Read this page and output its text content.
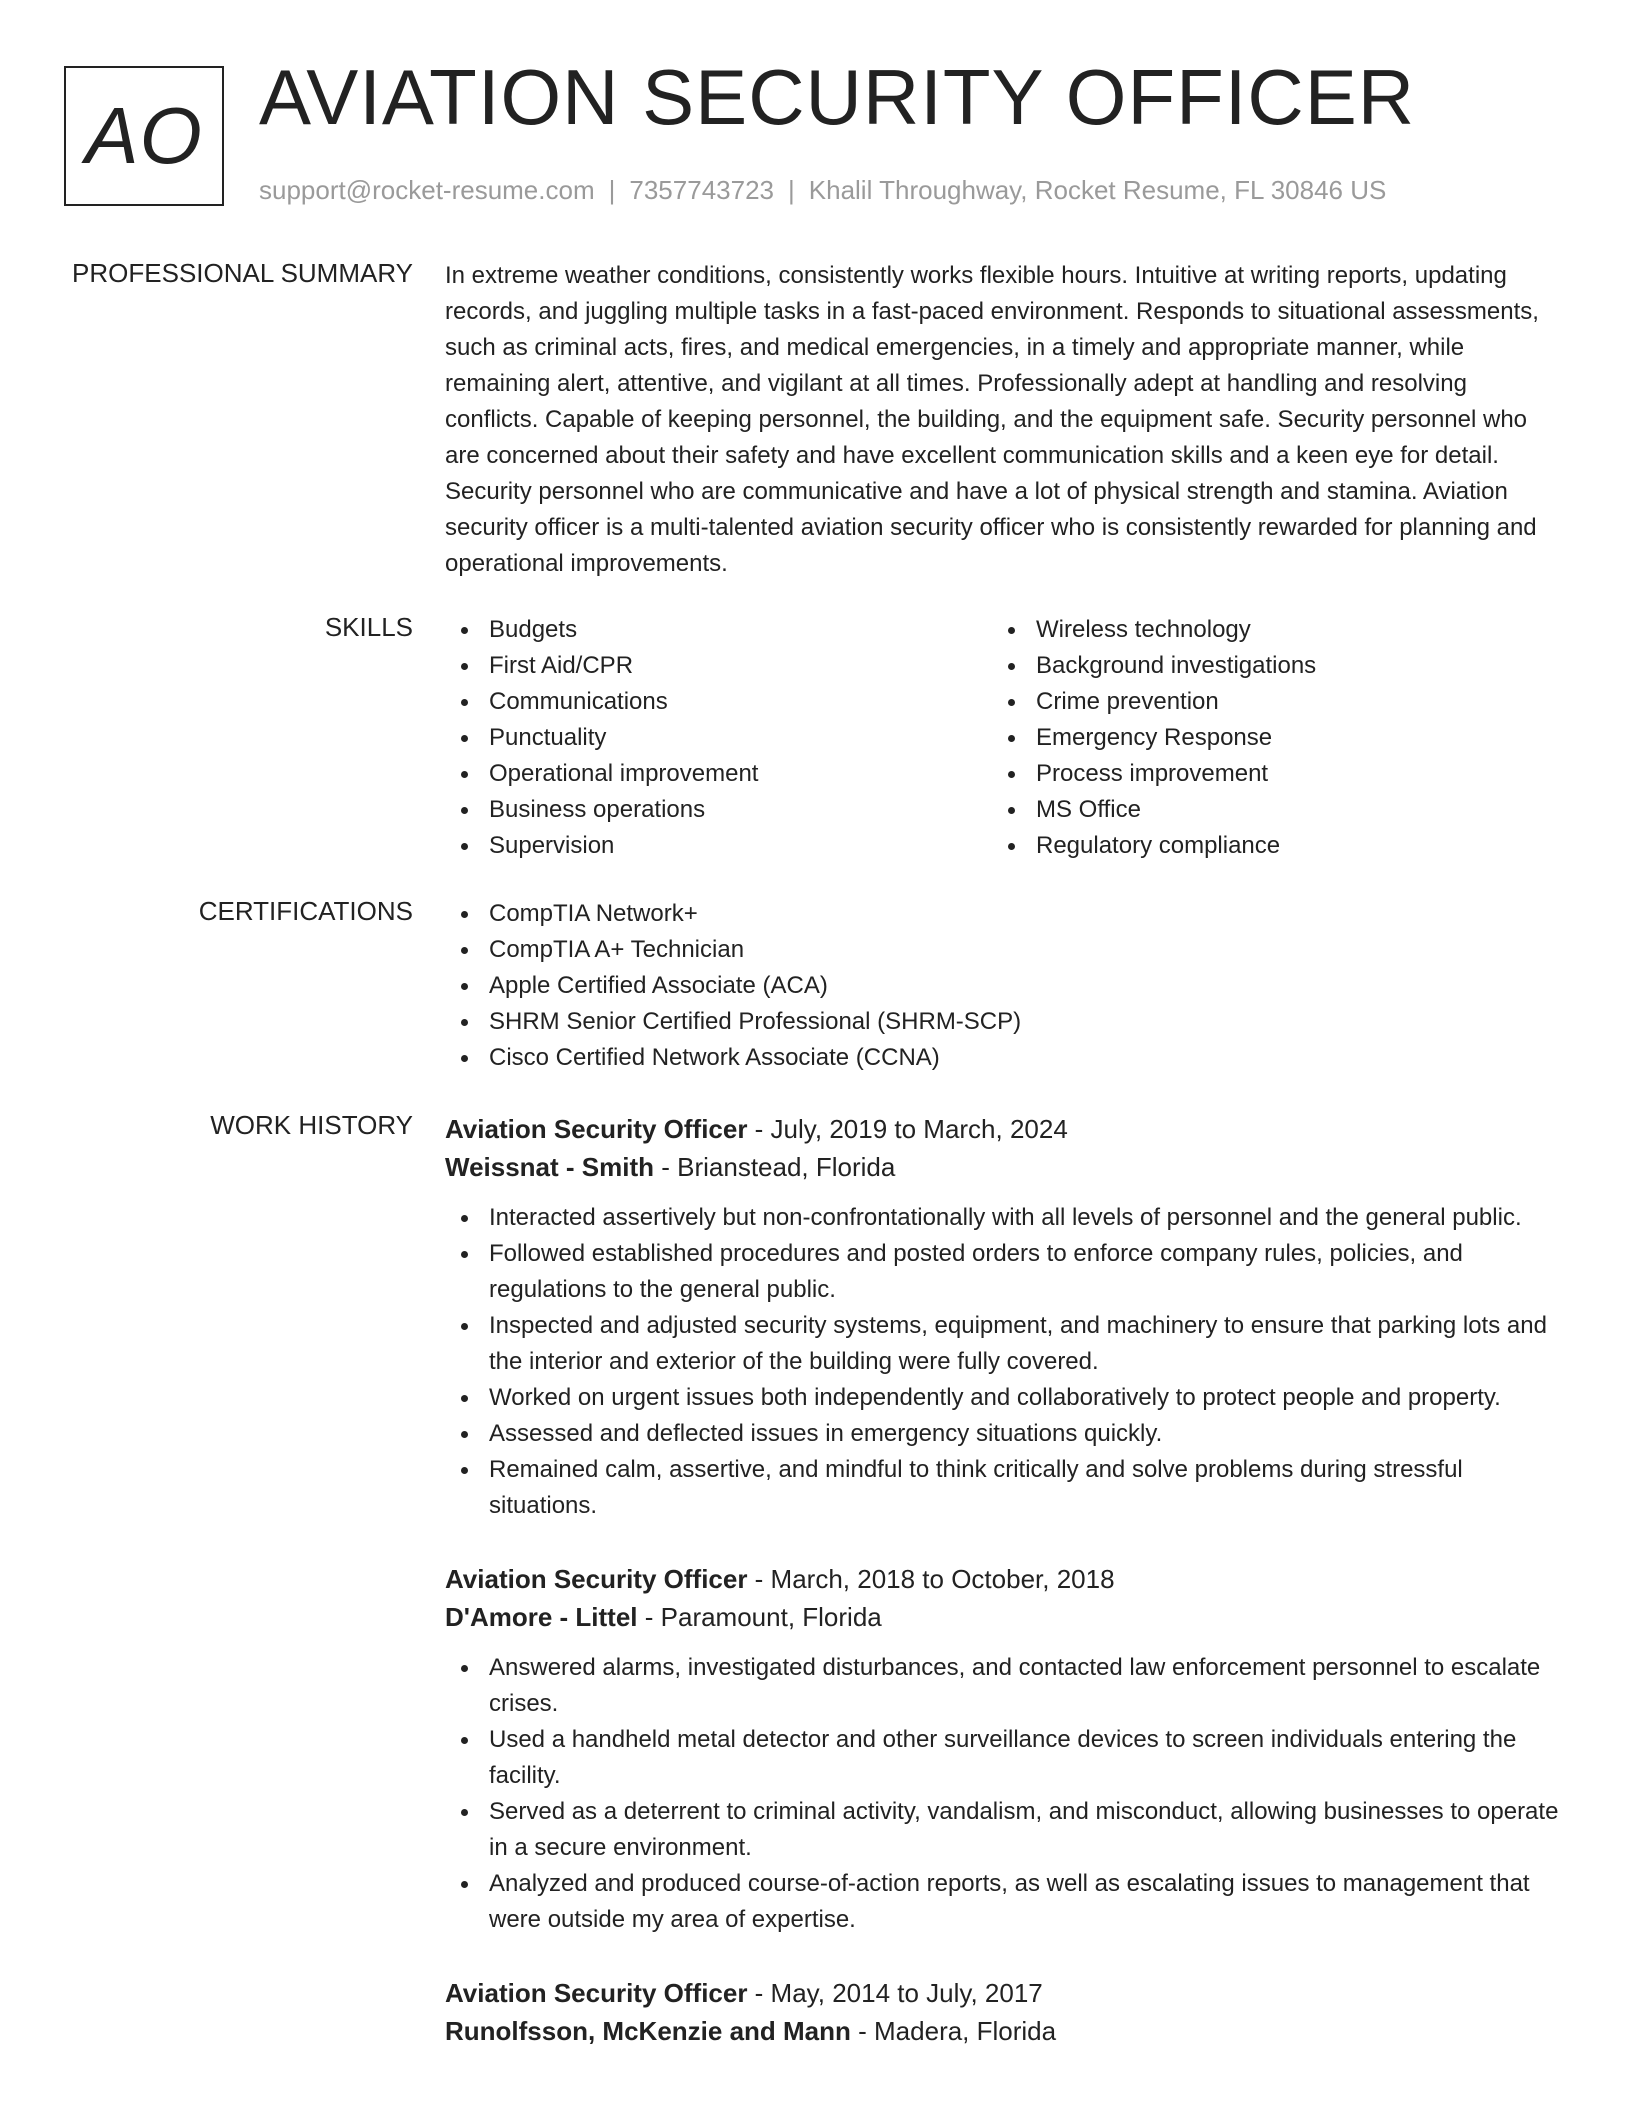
AO AVIATION SECURITY OFFICER
support@rocket-resume.com | 7357743723 | Khalil Throughway, Rocket Resume, FL 30846 US
PROFESSIONAL SUMMARY In extreme weather conditions, consistently works flexible hours. Intuitive at writing reports, updating records, and juggling multiple tasks in a fast-paced environment. Responds to situational assessments, such as criminal acts, fires, and medical emergencies, in a timely and appropriate manner, while remaining alert, attentive, and vigilant at all times. Professionally adept at handling and resolving conflicts. Capable of keeping personnel, the building, and the equipment safe. Security personnel who are concerned about their safety and have excellent communication skills and a keen eye for detail. Security personnel who are communicative and have a lot of physical strength and stamina. Aviation security officer is a multi-talented aviation security officer who is consistently rewarded for planning and operational improvements.
SKILLS	Budgets
First Aid/CPR
Communications
Punctuality
Operational improvement
Business operations
Supervision
Wireless technology
Background investigations
Crime prevention
Emergency Response
Process improvement
MS Office
Regulatory compliance
CERTIFICATIONS	CompTIA Network+
CompTIA A+ Technician
Apple Certified Associate (ACA)
SHRM Senior Certified Professional (SHRM-SCP)
Cisco Certified Network Associate (CCNA)
WORK HISTORY Aviation Security Officer - July, 2019 to March, 2024
Weissnat - Smith - Brianstead, Florida
Interacted assertively but non-confrontationally with all levels of personnel and the general public.
Followed established procedures and posted orders to enforce company rules, policies, and regulations to the general public.
Inspected and adjusted security systems, equipment, and machinery to ensure that parking lots and the interior and exterior of the building were fully covered.
Worked on urgent issues both independently and collaboratively to protect people and property.
Assessed and deflected issues in emergency situations quickly.
Remained calm, assertive, and mindful to think critically and solve problems during stressful situations.
Aviation Security Officer - March, 2018 to October, 2018
D'Amore - Littel - Paramount, Florida
Answered alarms, investigated disturbances, and contacted law enforcement personnel to escalate crises.
Used a handheld metal detector and other surveillance devices to screen individuals entering the facility.
Served as a deterrent to criminal activity, vandalism, and misconduct, allowing businesses to operate in a secure environment.
Analyzed and produced course-of-action reports, as well as escalating issues to management that were outside my area of expertise.
Aviation Security Officer - May, 2014 to July, 2017
Runolfsson, McKenzie and Mann - Madera, Florida
